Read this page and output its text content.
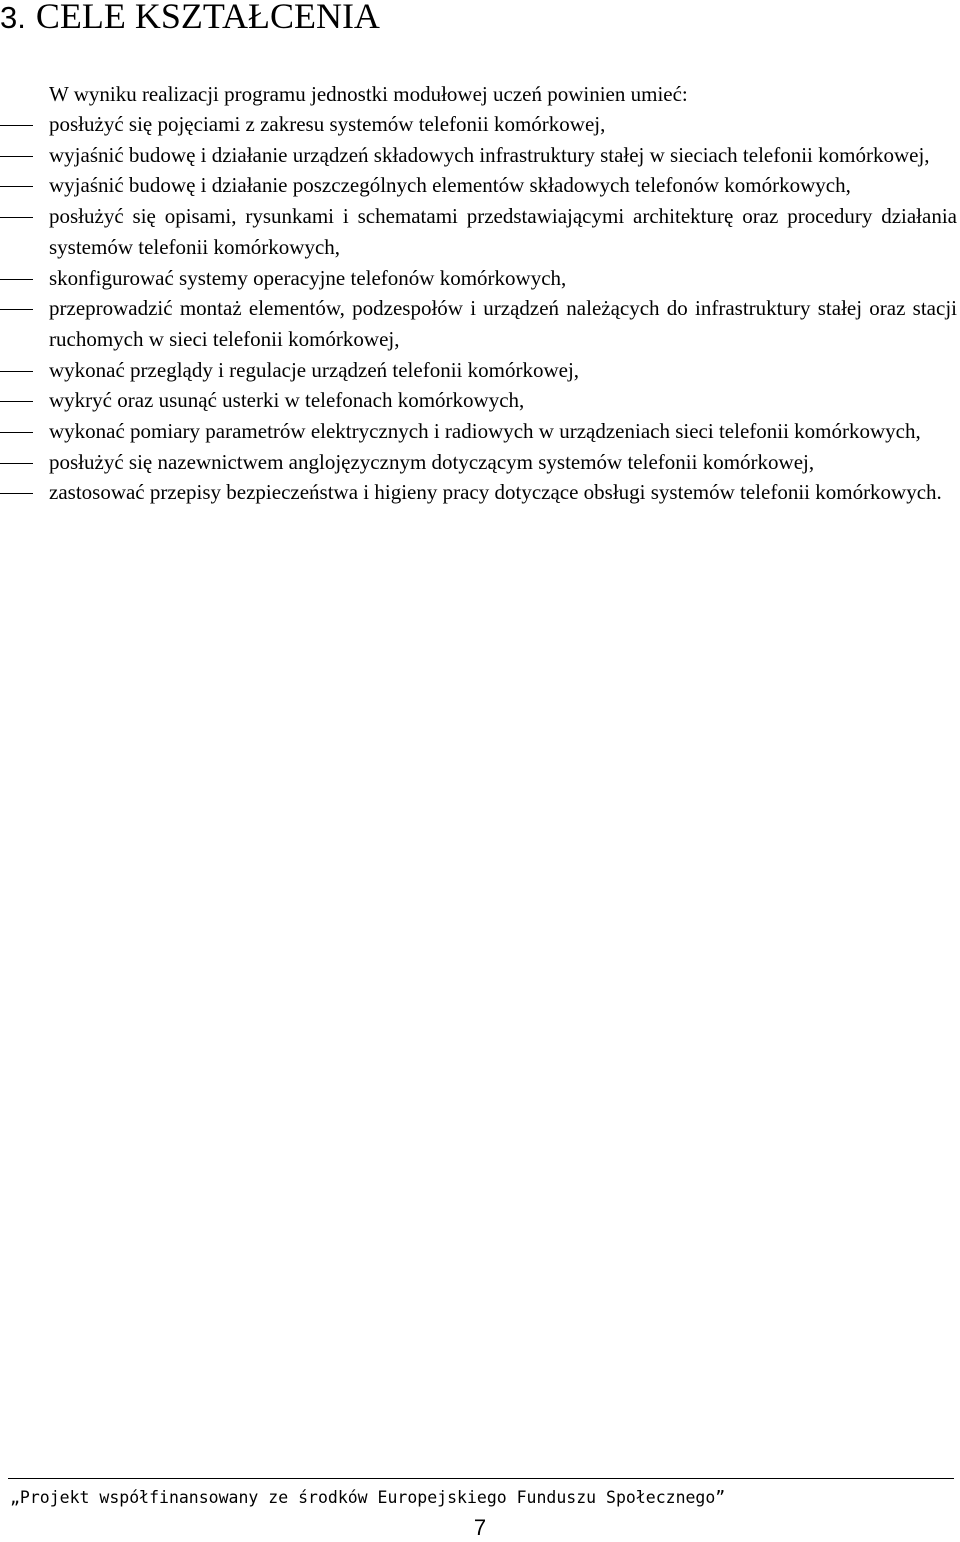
3. CELE KSZTAŁCENIA

W wyniku realizacji programu jednostki modułowej uczeń powinien umieć:

posłużyć się pojęciami z zakresu systemów telefonii komórkowej,
wyjaśnić budowę i działanie urządzeń składowych infrastruktury stałej w sieciach telefonii komórkowej,
wyjaśnić budowę i działanie poszczególnych elementów składowych telefonów komórkowych,
posłużyć się opisami, rysunkami i schematami przedstawiającymi architekturę oraz procedury działania systemów telefonii komórkowych,
skonfigurować systemy operacyjne telefonów komórkowych,
przeprowadzić montaż elementów, podzespołów i urządzeń należących do infrastruktury stałej oraz stacji ruchomych w sieci telefonii komórkowej,
wykonać przeglądy i regulacje urządzeń telefonii komórkowej,
wykryć oraz usunąć usterki w telefonach komórkowych,
wykonać pomiary parametrów elektrycznych i radiowych w urządzeniach sieci telefonii komórkowych,
posłużyć się nazewnictwem anglojęzycznym dotyczącym systemów telefonii komórkowej,
zastosować przepisy bezpieczeństwa i higieny pracy dotyczące obsługi systemów telefonii komórkowych.

„Projekt współfinansowany ze środków Europejskiego Funduszu Społecznego”

7
